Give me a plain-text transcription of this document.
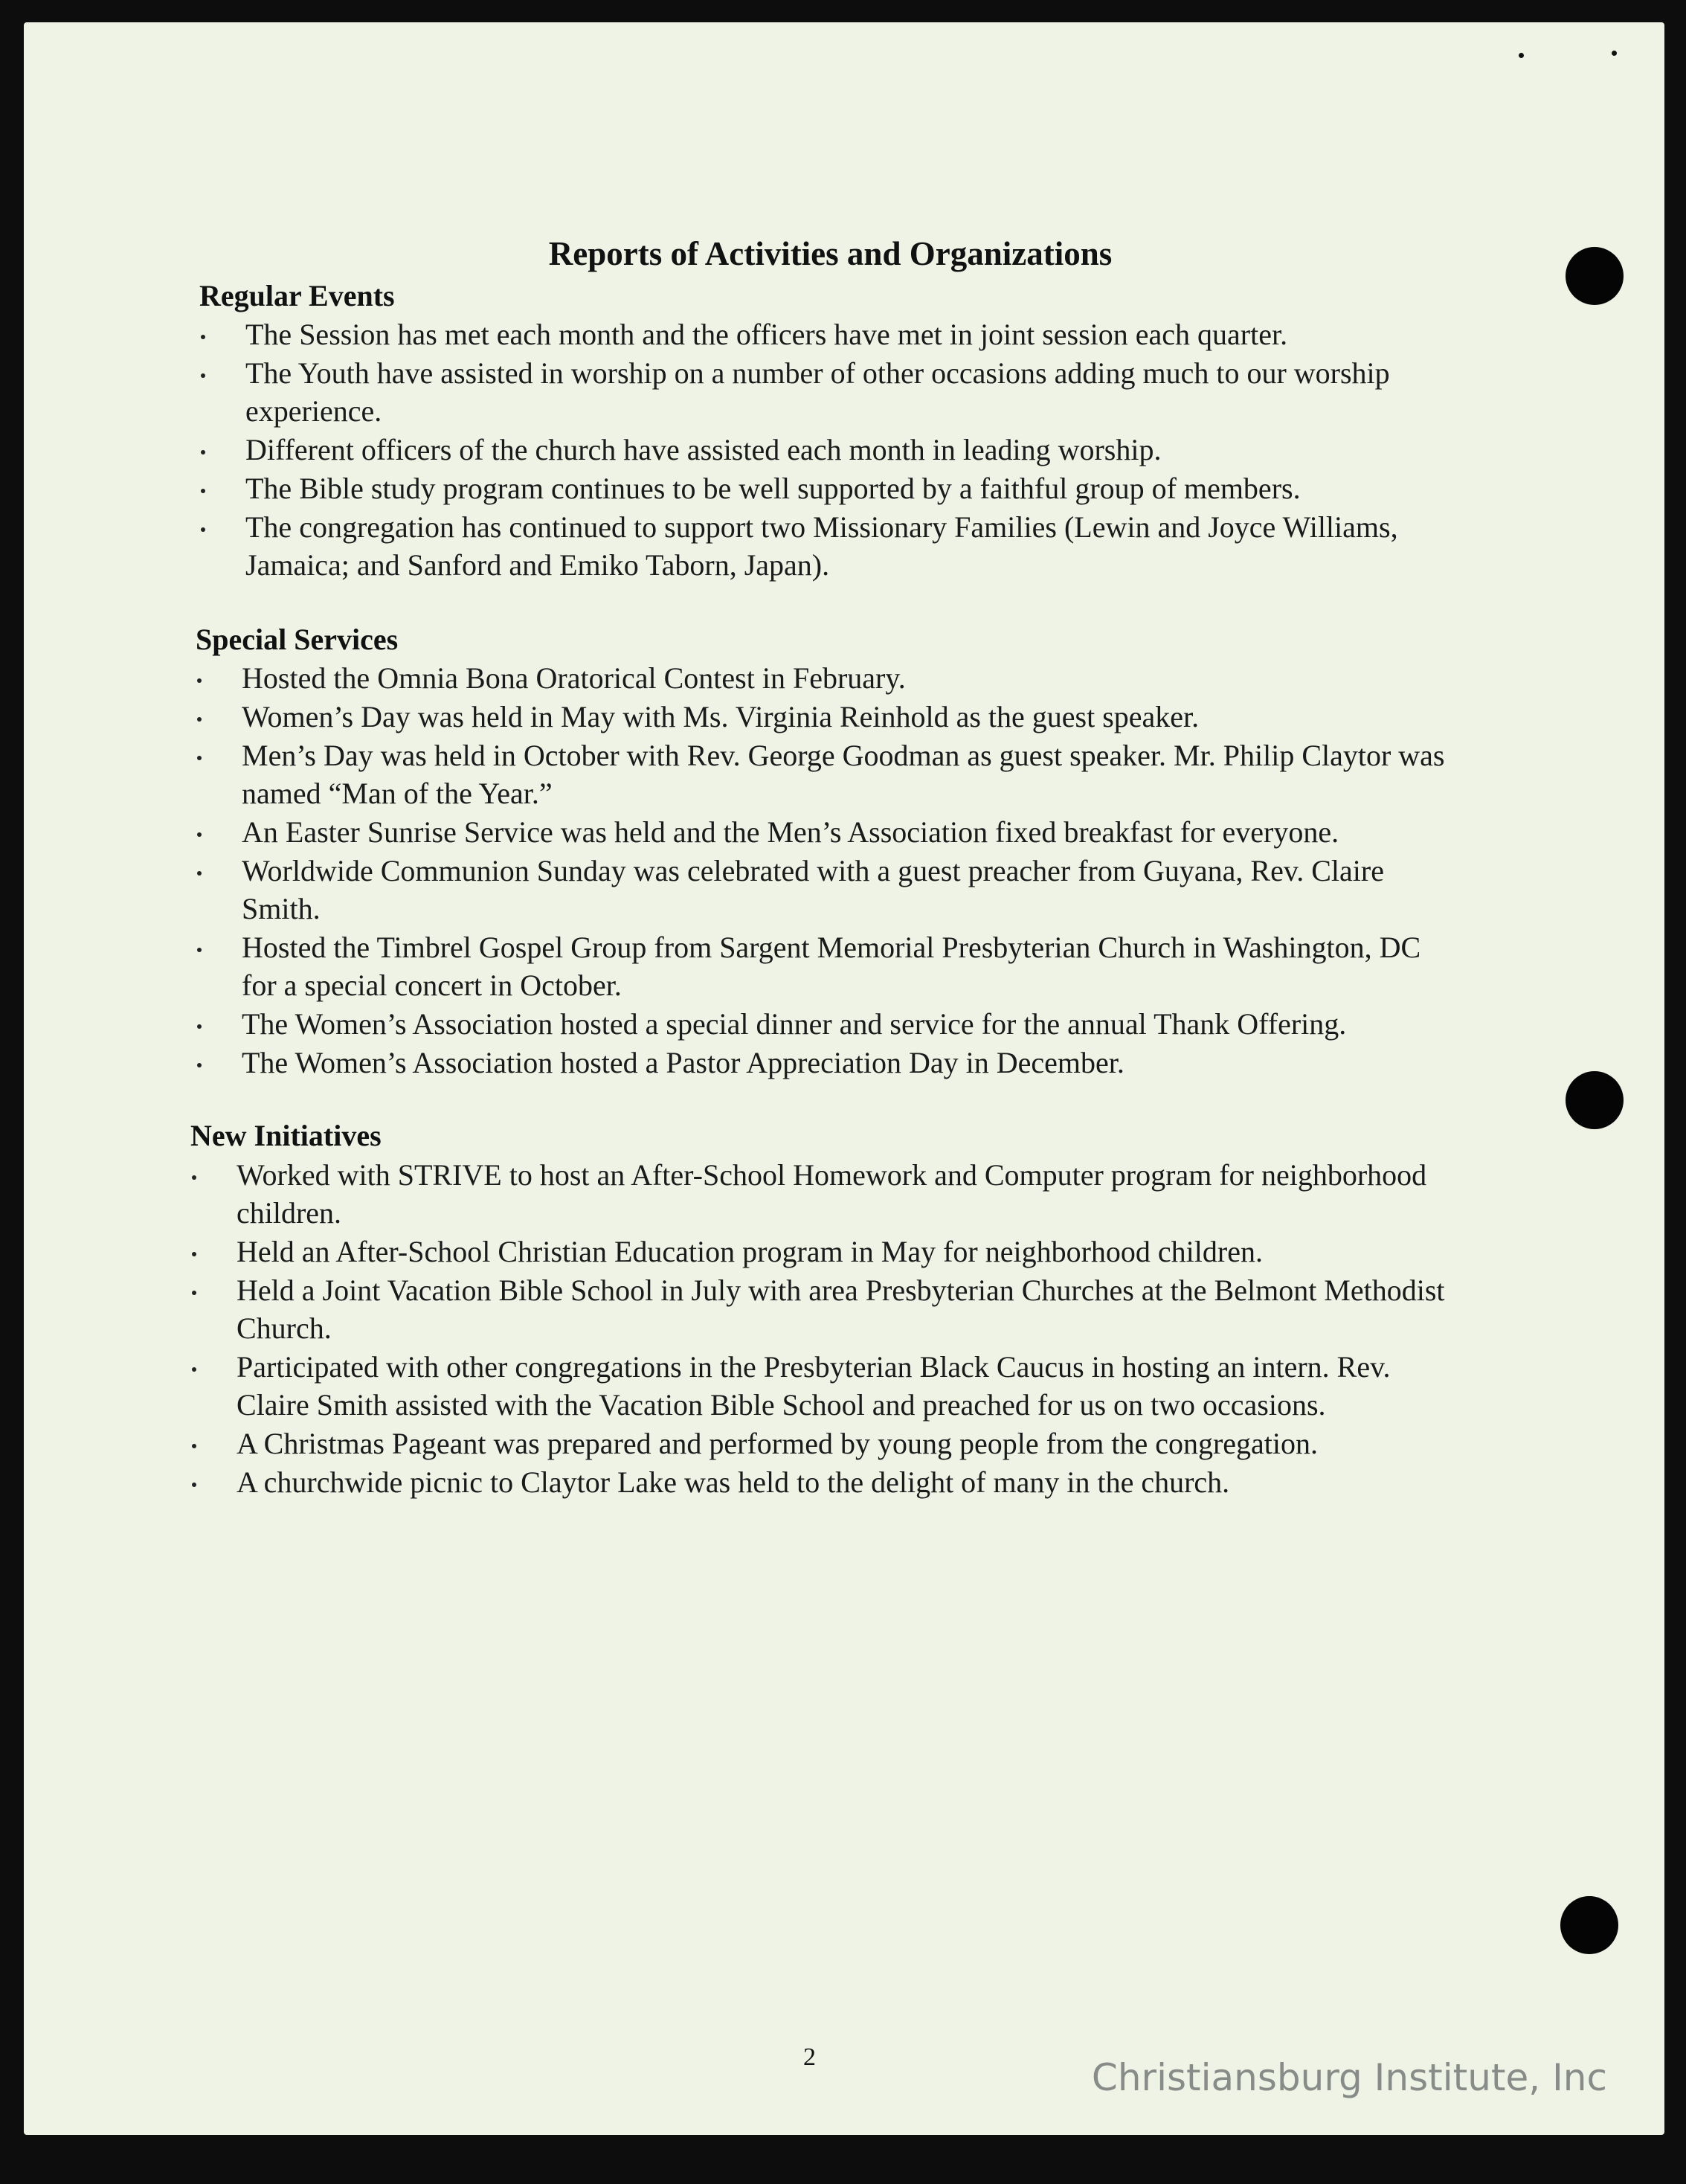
Reports of Activities and Organizations
Regular Events
The Session has met each month and the officers have met in joint session each quarter.
The Youth have assisted in worship on a number of other occasions adding much to our worship experience.
Different officers of the church have assisted each month in leading worship.
The Bible study program continues to be well supported by a faithful group of members.
The congregation has continued to support two Missionary Families (Lewin and Joyce Williams, Jamaica; and Sanford and Emiko Taborn, Japan).
Special Services
Hosted the Omnia Bona Oratorical Contest in February.
Women’s Day was held in May with Ms. Virginia Reinhold as the guest speaker.
Men’s Day was held in October with Rev. George Goodman as guest speaker. Mr. Philip Claytor was named “Man of the Year.”
An Easter Sunrise Service was held and the Men’s Association fixed breakfast for everyone.
Worldwide Communion Sunday was celebrated with a guest preacher from Guyana, Rev. Claire Smith.
Hosted the Timbrel Gospel Group from Sargent Memorial Presbyterian Church in Washington, DC for a special concert in October.
The Women’s Association hosted a special dinner and service for the annual Thank Offering.
The Women’s Association hosted a Pastor Appreciation Day in December.
New Initiatives
Worked with STRIVE to host an After-School Homework and Computer program for neighborhood children.
Held an After-School Christian Education program in May for neighborhood children.
Held a Joint Vacation Bible School in July with area Presbyterian Churches at the Belmont Methodist Church.
Participated with other congregations in the Presbyterian Black Caucus in hosting an intern. Rev. Claire Smith assisted with the Vacation Bible School and preached for us on two occasions.
A Christmas Pageant was prepared and performed by young people from the congregation.
A churchwide picnic to Claytor Lake was held to the delight of many in the church.
2	Christiansburg Institute, Inc
